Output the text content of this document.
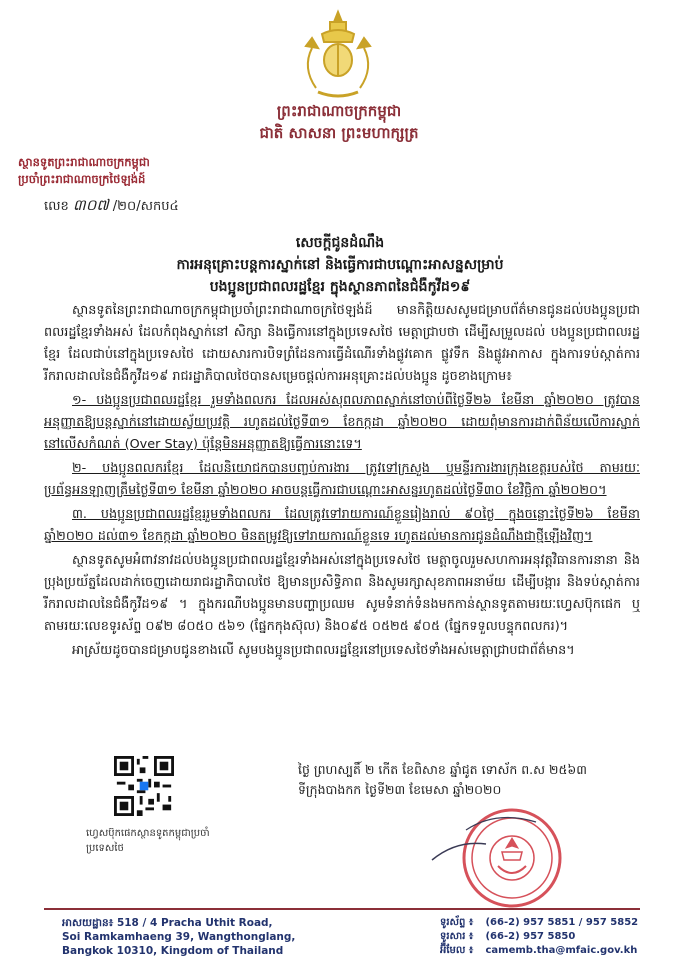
ព្រះរាជាណាចក្រកម្ពុជា
ជាតិ សាសនា ព្រះមហាក្សត្រ
ស្ថានទូតព្រះរាជាណាចក្រកម្ពុជា
ប្រចាំព្រះរាជាណាចក្រថៃឡង់ដ៍
លេខ ៣០៧ /២០/សកប៤
សេចក្តីជូនដំណឹង
ការអនុគ្រោះបន្តការស្នាក់នៅ និងធ្វើការជាបណ្តោះអាសន្នសម្រាប់
បងប្អូនប្រជាពលរដ្ឋខ្មែរ ក្នុងស្ថានភាពនៃជំងឺកូវីដ១៩

ស្ថានទូតនៃព្រះរាជាណាចក្រកម្ពុជាប្រចាំព្រះរាជាណាចក្រថៃឡង់ដ៍ មានកិត្តិយសសូមជម្រាបព័ត៌មានជូនដល់បងប្អូនប្រជាពលរដ្ឋខ្មែរទាំងអស់ ដែលកំពុងស្នាក់នៅ សិក្សា និងធ្វើការនៅក្នុងប្រទេសថៃ មេត្តាជ្រាបថា ដើម្បីសម្រួលដល់ បងប្អូនប្រជាពលរដ្ឋខ្មែរ ដែលជាប់នៅក្នុងប្រទេសថៃ ដោយសារការបិទព្រំដែនការធ្វើដំណើរទាំងផ្លូវគោក ផ្លូវទឹក និងផ្លូវអាកាស ក្នុងការទប់ស្កាត់ការរីករាលដាលនៃជំងឺកូវីដ១៩ រាជរដ្ឋាភិបាលថៃបានសម្រេចផ្តល់ការអនុគ្រោះដល់បងប្អូន ដូចខាងក្រោម៖

១- បងប្អូនប្រជាពលរដ្ឋខ្មែរ រួមទាំងពលករ ដែលអស់សុពលភាពស្នាក់នៅចាប់ពីថ្ងៃទី២៦ ខែមីនា ឆ្នាំ២០២០ ត្រូវបានអនុញ្ញាតឱ្យបន្តស្នាក់នៅដោយស្វ័យប្រវត្តិ រហូតដល់ថ្ងៃទី៣១ ខែកក្កដា ឆ្នាំ២០២០ ដោយពុំមានការដាក់ពិន័យលើការស្នាក់នៅលើសកំណត់ (Over Stay) ប៉ុន្តែមិនអនុញ្ញាតឱ្យធ្វើការនោះទេ។

២- បងប្អូនពលករខ្មែរ ដែលនិយោជកបានបញ្ចប់ការងារ ត្រូវទៅក្រសួង ឬមន្ទីរការងារក្រុងខេត្តរបស់ថៃ តាមរយៈ ប្រព័ន្ធអនឡាញត្រឹមថ្ងៃទី៣១ ខែមីនា ឆ្នាំ២០២០ អាចបន្តធ្វើការជាបណ្តោះអាសន្នរហូតដល់ថ្ងៃទី៣០ ខែវិច្ឆិកា ឆ្នាំ២០២០។

៣. បងប្អូនប្រជាពលរដ្ឋខ្មែររួមទាំងពលករ ដែលត្រូវទៅរាយការណ៍ខ្លួនរៀងរាល់ ៩០ថ្ងៃ ក្នុងចន្លោះថ្ងៃទី២៦ ខែមីនា ឆ្នាំ២០២០ ដល់៣១ ខែកក្កដា ឆ្នាំ២០២០ មិនតម្រូវឱ្យទៅរាយការណ៍ខ្លួនទេ រហូតដល់មានការជូនដំណឹងជាថ្មីឡើងវិញ។

ស្ថានទូតសូមអំពាវនាវដល់បងប្អូនប្រជាពលរដ្ឋខ្មែរទាំងអស់នៅក្នុងប្រទេសថៃ មេត្តាចូលរួមសហការអនុវត្តវិធានការនានា និងប្រុងប្រយ័ត្នដែលដាក់ចេញដោយរាជរដ្ឋាភិបាលថៃ ឱ្យមានប្រសិទ្ធិភាព និងសូមរក្សាសុខភាពអនាម័យ ដើម្បីបង្ការ និងទប់ស្កាត់ការរីករាលដាលនៃជំងឺកូវីដ១៩ ។ ក្នុងករណីបងប្អូនមានបញ្ហាប្រឈម សូមទំនាក់ទំនងមកកាន់ស្ថានទូតតាមរយៈហ្វេសប៊ុកផេក ឬតាមរយៈលេខទូរស័ព្ទ ០៩២ ៨០៥០ ៥៦១ (ផ្នែកកុងស៊ុល) និង០៩៥ ០៥២៥ ៩០៥ (ផ្នែកទទួលបន្ទុកពលករ)។

អាស្រ័យដូចបានជម្រាបជូនខាងលើ សូមបងប្អូនប្រជាពលរដ្ឋខ្មែរនៅប្រទេសថៃទាំងអស់មេត្តាជ្រាបជាព័ត៌មាន។

ហ្វេសប៊ុកផេកស្ថានទូតកម្ពុជាប្រចាំប្រទេសថៃ
ថ្ងៃ ព្រហស្បតិ៍ ២ កើត ខែពិសាខ ឆ្នាំជូត ទោស័ក ព.ស ២៥៦៣
ទីក្រុងបាងកក ថ្ងៃទី២៣ ខែមេសា ឆ្នាំ២០២០
អាសយដ្ឋាន៖ 518 / 4 Pracha Uthit Road,
Soi Ramkamhaeng 39, Wangthonglang,
Bangkok 10310, Kingdom of Thailand
ទូរស័ព្ទ ៖ (66-2) 957 5851 / 957 5852
ទូរសារ ៖ (66-2) 957 5850
អ៊ីមែល ៖ camemb.tha@mfaic.gov.kh
